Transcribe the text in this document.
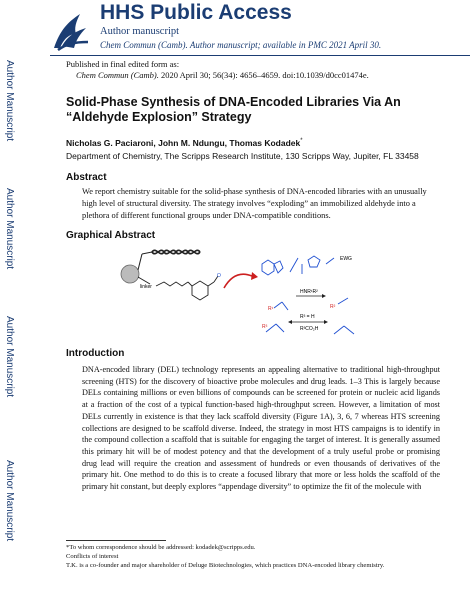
HHS Public Access
Author manuscript
Chem Commun (Camb). Author manuscript; available in PMC 2021 April 30.
Author Manuscript
Author Manuscript
Author Manuscript
Author Manuscript
Published in final edited form as:
Chem Commun (Camb). 2020 April 30; 56(34): 4656–4659. doi:10.1039/d0cc01474e.
Solid-Phase Synthesis of DNA-Encoded Libraries Via An “Aldehyde Explosion” Strategy
Nicholas G. Paciaroni, John M. Ndungu, Thomas Kodadek*
Department of Chemistry, The Scripps Research Institute, 130 Scripps Way, Jupiter, FL 33458
Abstract
We report chemistry suitable for the solid-phase synthesis of DNA-encoded libraries with an unusually high level of structural diversity. The strategy involves “exploding” an immobilized aldehyde into a plethora of different functional groups under DNA-compatible conditions.
Graphical Abstract
linker
O
EWG
HNR¹R²
R¹	R²
R³ = H
R³CO₂H
R³
Introduction
DNA-encoded library (DEL) technology represents an appealing alternative to traditional high-throughput screening (HTS) for the discovery of bioactive probe molecules and drug leads. 1–3 This is largely because DELs containing millions or even billions of compounds can be screened for protein or nucleic acid ligands at a fraction of the cost of a typical function-based high-throughput screen. However, a limitation of most DELs currently in existence is that they lack scaffold diversity (Figure 1A), 3, 6, 7 whereas HTS screening collections are designed to be scaffold diverse. Indeed, the strategy in most HTS campaigns is to identify in the compound collection a scaffold that is suitable for engaging the target of interest. It is generally assumed this primary hit will be of modest potency and that the development of a truly useful probe or promising drug lead will require the creation and assessment of hundreds or even thousands of derivatives of the primary hit. One method to do this is to create a focused library that more or less holds the scaffold of the primary hit constant, but deeply explores “appendage diversity” to optimize the fit of the molecule with
*To whom correspondence should be addressed: kodadek@scripps.edu.
Conflicts of interest
T.K. is a co-founder and major shareholder of Deluge Biotechnologies, which practices DNA-encoded library chemistry.
